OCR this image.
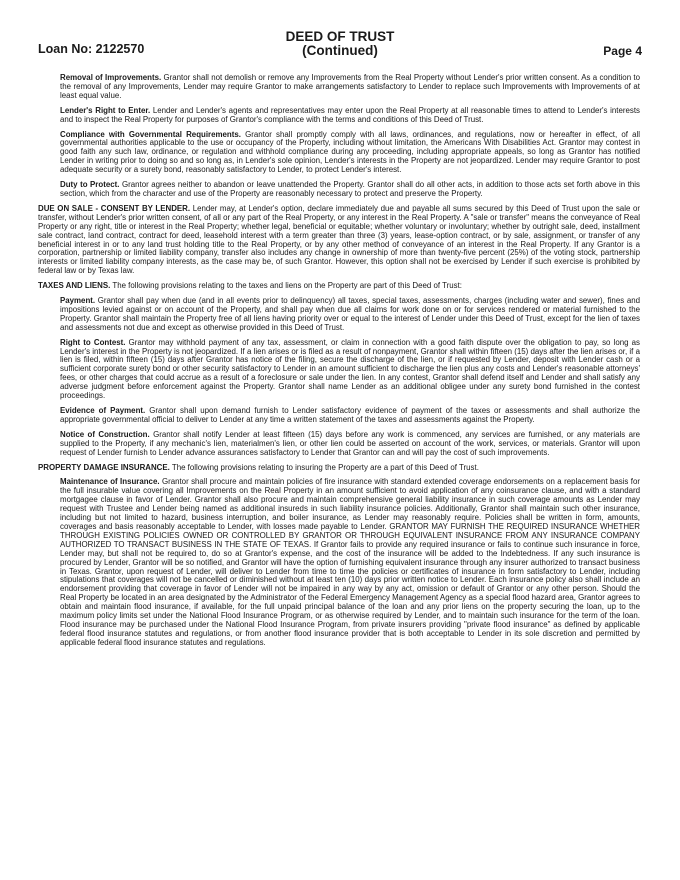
Loan No: 2122570
DEED OF TRUST
(Continued)	Page 4

Removal of Improvements. Grantor shall not demolish or remove any Improvements from the Real Property without Lender's prior written consent. As a condition to the removal of any Improvements, Lender may require Grantor to make arrangements satisfactory to Lender to replace such Improvements with Improvements of at least equal value.

Lender's Right to Enter. Lender and Lender's agents and representatives may enter upon the Real Property at all reasonable times to attend to Lender's interests and to inspect the Real Property for purposes of Grantor's compliance with the terms and conditions of this Deed of Trust.

Compliance with Governmental Requirements. Grantor shall promptly comply with all laws, ordinances, and regulations, now or hereafter in effect, of all governmental authorities applicable to the use or occupancy of the Property, including without limitation, the Americans With Disabilities Act. Grantor may contest in good faith any such law, ordinance, or regulation and withhold compliance during any proceeding, including appropriate appeals, so long as Grantor has notified Lender in writing prior to doing so and so long as, in Lender's sole opinion, Lender's interests in the Property are not jeopardized. Lender may require Grantor to post adequate security or a surety bond, reasonably satisfactory to Lender, to protect Lender's interest.

Duty to Protect. Grantor agrees neither to abandon or leave unattended the Property. Grantor shall do all other acts, in addition to those acts set forth above in this section, which from the character and use of the Property are reasonably necessary to protect and preserve the Property.

DUE ON SALE - CONSENT BY LENDER. Lender may, at Lender's option, declare immediately due and payable all sums secured by this Deed of Trust upon the sale or transfer, without Lender's prior written consent, of all or any part of the Real Property, or any interest in the Real Property. A "sale or transfer" means the conveyance of Real Property or any right, title or interest in the Real Property; whether legal, beneficial or equitable; whether voluntary or involuntary; whether by outright sale, deed, installment sale contract, land contract, contract for deed, leasehold interest with a term greater than three (3) years, lease-option contract, or by sale, assignment, or transfer of any beneficial interest in or to any land trust holding title to the Real Property, or by any other method of conveyance of an interest in the Real Property. If any Grantor is a corporation, partnership or limited liability company, transfer also includes any change in ownership of more than twenty-five percent (25%) of the voting stock, partnership interests or limited liability company interests, as the case may be, of such Grantor. However, this option shall not be exercised by Lender if such exercise is prohibited by federal law or by Texas law.

TAXES AND LIENS. The following provisions relating to the taxes and liens on the Property are part of this Deed of Trust:

Payment. Grantor shall pay when due (and in all events prior to delinquency) all taxes, special taxes, assessments, charges (including water and sewer), fines and impositions levied against or on account of the Property, and shall pay when due all claims for work done on or for services rendered or material furnished to the Property. Grantor shall maintain the Property free of all liens having priority over or equal to the interest of Lender under this Deed of Trust, except for the lien of taxes and assessments not due and except as otherwise provided in this Deed of Trust.

Right to Contest. Grantor may withhold payment of any tax, assessment, or claim in connection with a good faith dispute over the obligation to pay, so long as Lender's interest in the Property is not jeopardized. If a lien arises or is filed as a result of nonpayment, Grantor shall within fifteen (15) days after the lien arises or, if a lien is filed, within fifteen (15) days after Grantor has notice of the filing, secure the discharge of the lien, or if requested by Lender, deposit with Lender cash or a sufficient corporate surety bond or other security satisfactory to Lender in an amount sufficient to discharge the lien plus any costs and Lender's reasonable attorneys' fees, or other charges that could accrue as a result of a foreclosure or sale under the lien. In any contest, Grantor shall defend itself and Lender and shall satisfy any adverse judgment before enforcement against the Property. Grantor shall name Lender as an additional obligee under any surety bond furnished in the contest proceedings.

Evidence of Payment. Grantor shall upon demand furnish to Lender satisfactory evidence of payment of the taxes or assessments and shall authorize the appropriate governmental official to deliver to Lender at any time a written statement of the taxes and assessments against the Property.

Notice of Construction. Grantor shall notify Lender at least fifteen (15) days before any work is commenced, any services are furnished, or any materials are supplied to the Property, if any mechanic's lien, materialmen's lien, or other lien could be asserted on account of the work, services, or materials. Grantor will upon request of Lender furnish to Lender advance assurances satisfactory to Lender that Grantor can and will pay the cost of such improvements.

PROPERTY DAMAGE INSURANCE. The following provisions relating to insuring the Property are a part of this Deed of Trust.

Maintenance of Insurance. Grantor shall procure and maintain policies of fire insurance with standard extended coverage endorsements on a replacement basis for the full insurable value covering all Improvements on the Real Property in an amount sufficient to avoid application of any coinsurance clause, and with a standard mortgagee clause in favor of Lender. Grantor shall also procure and maintain comprehensive general liability insurance in such coverage amounts as Lender may request with Trustee and Lender being named as additional insureds in such liability insurance policies. Additionally, Grantor shall maintain such other insurance, including but not limited to hazard, business interruption, and boiler insurance, as Lender may reasonably require. Policies shall be written in form, amounts, coverages and basis reasonably acceptable to Lender, with losses made payable to Lender. GRANTOR MAY FURNISH THE REQUIRED INSURANCE WHETHER THROUGH EXISTING POLICIES OWNED OR CONTROLLED BY GRANTOR OR THROUGH EQUIVALENT INSURANCE FROM ANY INSURANCE COMPANY AUTHORIZED TO TRANSACT BUSINESS IN THE STATE OF TEXAS. If Grantor fails to provide any required insurance or fails to continue such insurance in force, Lender may, but shall not be required to, do so at Grantor's expense, and the cost of the insurance will be added to the Indebtedness. If any such insurance is procured by Lender, Grantor will be so notified, and Grantor will have the option of furnishing equivalent insurance through any insurer authorized to transact business in Texas. Grantor, upon request of Lender, will deliver to Lender from time to time the policies or certificates of insurance in form satisfactory to Lender, including stipulations that coverages will not be cancelled or diminished without at least ten (10) days prior written notice to Lender. Each insurance policy also shall include an endorsement providing that coverage in favor of Lender will not be impaired in any way by any act, omission or default of Grantor or any other person. Should the Real Property be located in an area designated by the Administrator of the Federal Emergency Management Agency as a special flood hazard area, Grantor agrees to obtain and maintain flood insurance, if available, for the full unpaid principal balance of the loan and any prior liens on the property securing the loan, up to the maximum policy limits set under the National Flood Insurance Program, or as otherwise required by Lender, and to maintain such insurance for the term of the loan. Flood insurance may be purchased under the National Flood Insurance Program, from private insurers providing "private flood insurance" as defined by applicable federal flood insurance statutes and regulations, or from another flood insurance provider that is both acceptable to Lender in its sole discretion and permitted by applicable federal flood insurance statutes and regulations.
